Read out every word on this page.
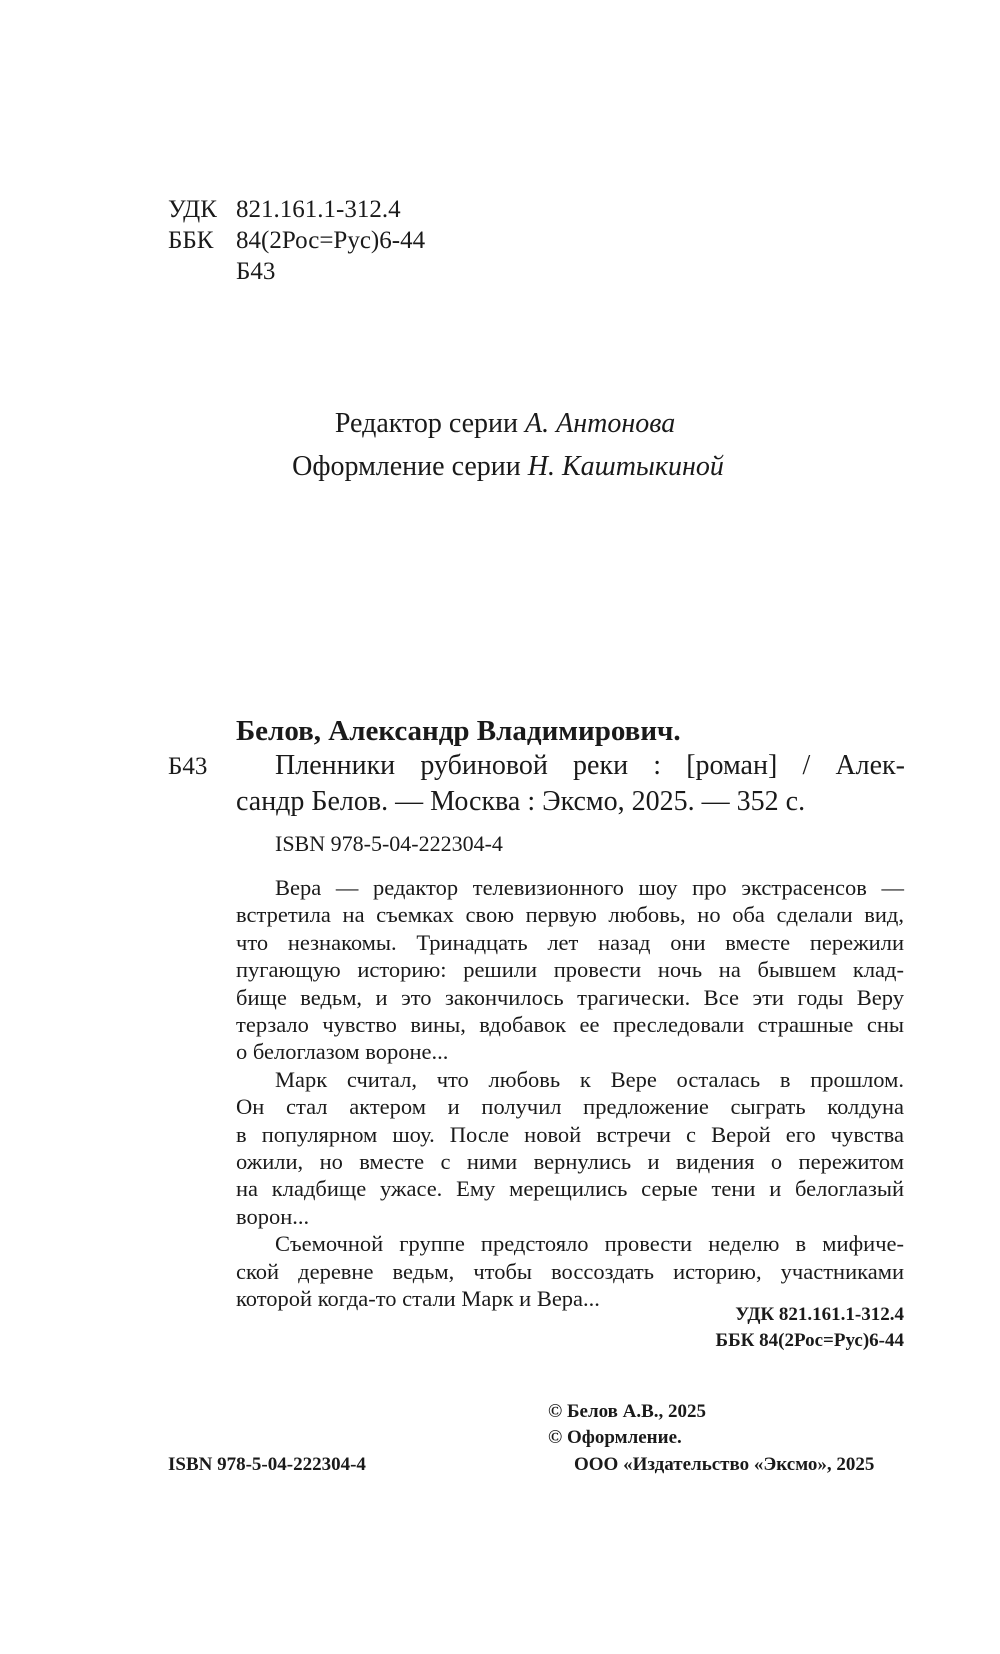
УДК 821.161.1-312.4
ББК 84(2Рос=Рус)6-44
Б43
Редактор серии А. Антонова
Оформление серии Н. Каштыкиной
Белов, Александр Владимирович.
Б43 Пленники рубиновой реки : [роман] / Алек-
сандр Белов. — Москва : Эксмо, 2025. — 352 с.
ISBN 978-5-04-222304-4
Вера — редактор телевизионного шоу про экстрасенсов —
встретила на съемках свою первую любовь, но оба сделали вид,
что незнакомы. Тринадцать лет назад они вместе пережили
пугающую историю: решили провести ночь на бывшем клад-
бище ведьм, и это закончилось трагически. Все эти годы Веру
терзало чувство вины, вдобавок ее преследовали страшные сны
о белоглазом вороне...
Марк считал, что любовь к Вере осталась в прошлом.
Он стал актером и получил предложение сыграть колдуна
в популярном шоу. После новой встречи с Верой его чувства
ожили, но вместе с ними вернулись и видения о пережитом
на кладбище ужасе. Ему мерещились серые тени и белоглазый
ворон...
Съемочной группе предстояло провести неделю в мифиче-
ской деревне ведьм, чтобы воссоздать историю, участниками
которой когда-то стали Марк и Вера...
УДК 821.161.1-312.4
ББК 84(2Рос=Рус)6-44
© Белов А.В., 2025
© Оформление.
ООО «Издательство «Эксмо», 2025
ISBN 978-5-04-222304-4
